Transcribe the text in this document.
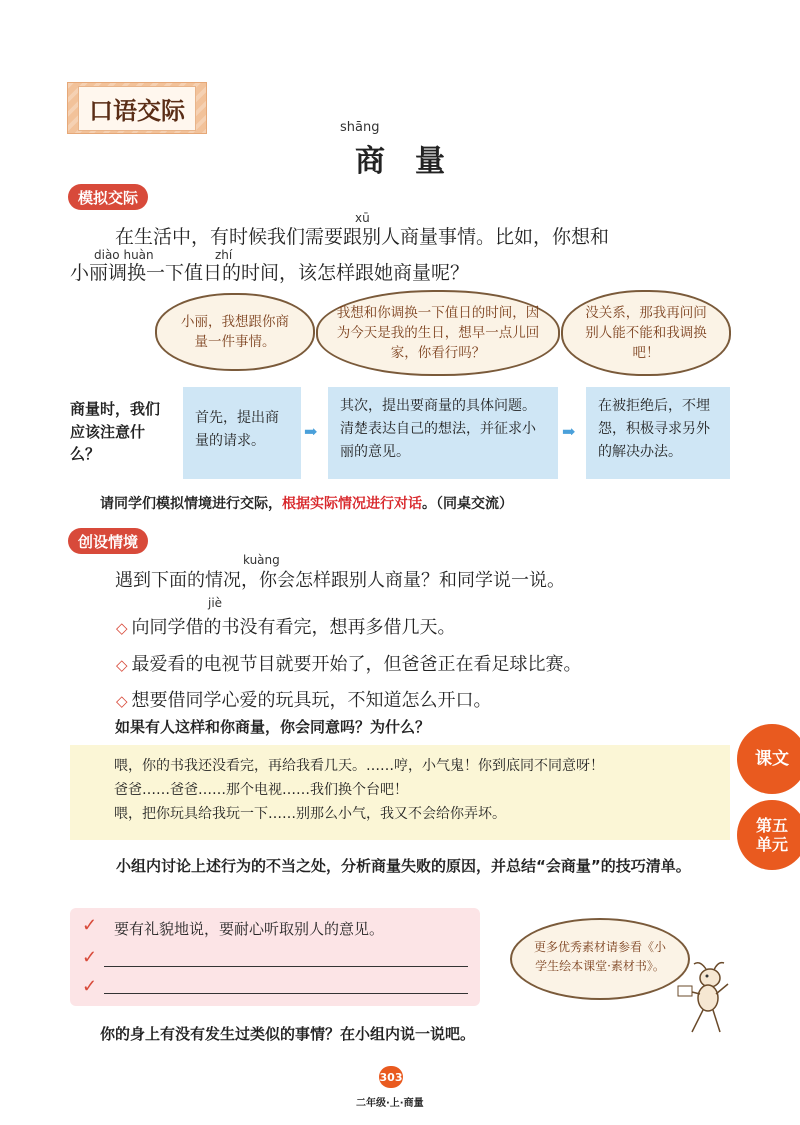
口语交际
shāng
商量
模拟交际
xū
在生活中，有时候我们需要跟别人商量事情。比如，你想和
diào huàn	zhí
小丽调换一下值日的时间，该怎样跟她商量呢？
小丽，我想跟你商量一件事情。
我想和你调换一下值日的时间，因为今天是我的生日，想早一点儿回家，你看行吗？
没关系，那我再问问别人能不能和我调换吧！
商量时，我们应该注意什么？
首先，提出商量的请求。
➡
其次，提出要商量的具体问题。清楚表达自己的想法，并征求小丽的意见。
➡
在被拒绝后，不埋怨，积极寻求另外的解决办法。
请同学们模拟情境进行交际，根据实际情况进行对话。（同桌交流）
创设情境
kuàng
遇到下面的情况，你会怎样跟别人商量？和同学说一说。
jiè
◇ 向同学借的书没有看完，想再多借几天。
◇ 最爱看的电视节目就要开始了，但爸爸正在看足球比赛。
◇ 想要借同学心爱的玩具玩，不知道怎么开口。
如果有人这样和你商量，你会同意吗？为什么？
喂，你的书我还没看完，再给我看几天。……哼，小气鬼！你到底同不同意呀！
爸爸……爸爸……那个电视……我们换个台吧！
喂，把你玩具给我玩一下……别那么小气，我又不会给你弄坏。
课文
第五单元
小组内讨论上述行为的不当之处，分析商量失败的原因，并总结“会商量”的技巧清单。
✓ 要有礼貌地说，要耐心听取别人的意见。
✓
✓
更多优秀素材请参看《小学生绘本课堂·素材书》。
你的身上有没有发生过类似的事情？在小组内说一说吧。
303
二年级·上·商量
